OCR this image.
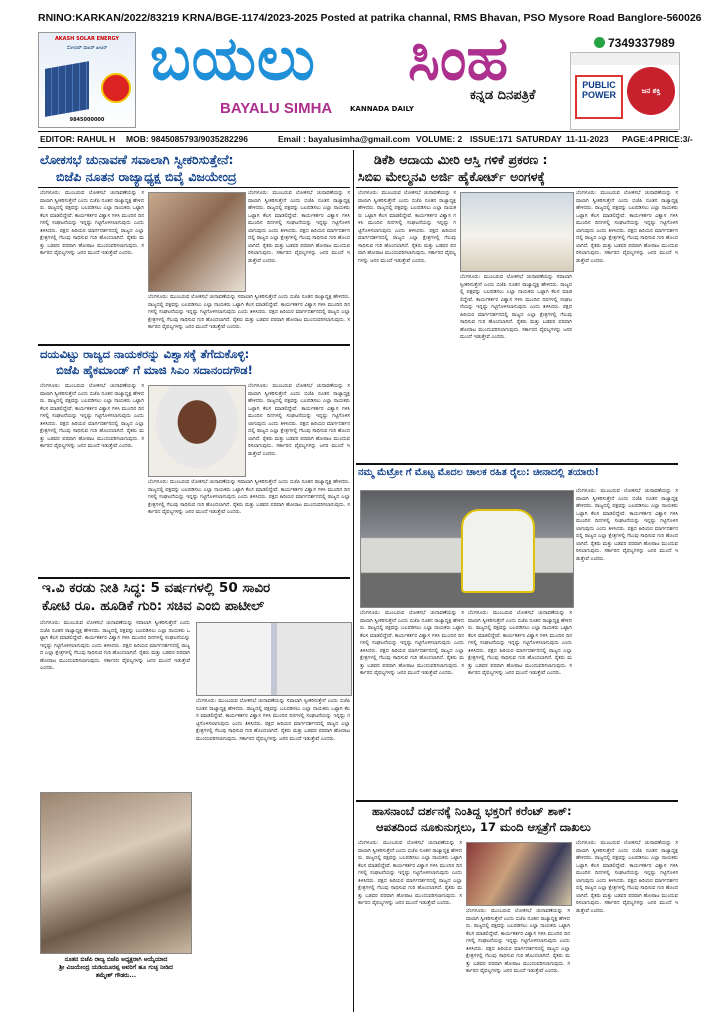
RNINO:KARKAN/2022/83219 KRNA/BGE-1174/2023-2025 Posted at patrika channal, RMS Bhavan, PSO Mysore Road Banglore-560026
AKASH SOLAR ENERGY
ಸೋಲಾರ್ ವಾಟರ್ ಹೀಟರ್
9845000000
ಬಯಲು ಸಿಂಹ
ಕನ್ನಡ ದಿನಪತ್ರಿಕೆ
BAYALU SIMHA	KANNADA DAILY
7349337989
PUBLIC POWER	ಜನ ಶಕ್ತಿ
EDITOR: RAHUL H MOB: 9845085793/9035282296	Email : bayalusimha@gmail.com VOLUME: 2 ISSUE:171 SATURDAY 11-11-2023 PAGE:4 PRICE:3/-
ಲೋಕಸಭೆ ಚುನಾವಣೆ ಸವಾಲಾಗಿ ಸ್ವೀಕರಿಸುತ್ತೇನೆ:
ಬಿಜೆಪಿ ನೂತನ ರಾಜ್ಯಾಧ್ಯಕ್ಷ ಬಿವೈ ವಿಜಯೇಂದ್ರ
ಬೆಂಗಳೂರು: ಮುಂಬರುವ ಲೋಕಸಭೆ ಚುನಾವಣೆಯನ್ನು ಸವಾಲಾಗಿ ಸ್ವೀಕರಿಸುತ್ತೇನೆ ಎಂದು ಬಿಜೆಪಿ ನೂತನ ರಾಜ್ಯಾಧ್ಯಕ್ಷ ಹೇಳಿದರು. ರಾಜ್ಯದಲ್ಲಿ ಪಕ್ಷವನ್ನು ಬಲಪಡಿಸಲು ಎಲ್ಲಾ ನಾಯಕರು ಒಟ್ಟಾಗಿ ಕೆಲಸ ಮಾಡಲಿದ್ದೇವೆ. ಕಾರ್ಯಕರ್ತರ ವಿಶ್ವಾಸ ಗಳಿಸಿ ಮುಂದಿನ ದಿನಗಳಲ್ಲಿ ಸಂಘಟನೆಯನ್ನು ಇನ್ನಷ್ಟು ಗಟ್ಟಿಗೊಳಿಸಲಾಗುವುದು ಎಂದು ತಿಳಿಸಿದರು. ಪಕ್ಷದ ಹಿರಿಯರ ಮಾರ್ಗದರ್ಶನದಲ್ಲಿ ರಾಜ್ಯದ ಎಲ್ಲಾ ಕ್ಷೇತ್ರಗಳಲ್ಲಿ ಗೆಲುವು ಸಾಧಿಸುವ ಗುರಿ ಹೊಂದಲಾಗಿದೆ. ರೈತರು ಮತ್ತು ಬಡವರ ಪರವಾಗಿ ಹೋರಾಟ ಮುಂದುವರಿಸಲಾಗುವುದು. ಸರ್ಕಾರದ ವೈಫಲ್ಯಗಳನ್ನು ಜನರ ಮುಂದೆ ಇಡುತ್ತೇವೆ ಎಂದರು.
ಬೆಂಗಳೂರು: ಮುಂಬರುವ ಲೋಕಸಭೆ ಚುನಾವಣೆಯನ್ನು ಸವಾಲಾಗಿ ಸ್ವೀಕರಿಸುತ್ತೇನೆ ಎಂದು ಬಿಜೆಪಿ ನೂತನ ರಾಜ್ಯಾಧ್ಯಕ್ಷ ಹೇಳಿದರು. ರಾಜ್ಯದಲ್ಲಿ ಪಕ್ಷವನ್ನು ಬಲಪಡಿಸಲು ಎಲ್ಲಾ ನಾಯಕರು ಒಟ್ಟಾಗಿ ಕೆಲಸ ಮಾಡಲಿದ್ದೇವೆ. ಕಾರ್ಯಕರ್ತರ ವಿಶ್ವಾಸ ಗಳಿಸಿ ಮುಂದಿನ ದಿನಗಳಲ್ಲಿ ಸಂಘಟನೆಯನ್ನು ಇನ್ನಷ್ಟು ಗಟ್ಟಿಗೊಳಿಸಲಾಗುವುದು ಎಂದು ತಿಳಿಸಿದರು. ಪಕ್ಷದ ಹಿರಿಯರ ಮಾರ್ಗದರ್ಶನದಲ್ಲಿ ರಾಜ್ಯದ ಎಲ್ಲಾ ಕ್ಷೇತ್ರಗಳಲ್ಲಿ ಗೆಲುವು ಸಾಧಿಸುವ ಗುರಿ ಹೊಂದಲಾಗಿದೆ. ರೈತರು ಮತ್ತು ಬಡವರ ಪರವಾಗಿ ಹೋರಾಟ ಮುಂದುವರಿಸಲಾಗುವುದು. ಸರ್ಕಾರದ ವೈಫಲ್ಯಗಳನ್ನು ಜನರ ಮುಂದೆ ಇಡುತ್ತೇವೆ ಎಂದರು.
ಬೆಂಗಳೂರು: ಮುಂಬರುವ ಲೋಕಸಭೆ ಚುನಾವಣೆಯನ್ನು ಸವಾಲಾಗಿ ಸ್ವೀಕರಿಸುತ್ತೇನೆ ಎಂದು ಬಿಜೆಪಿ ನೂತನ ರಾಜ್ಯಾಧ್ಯಕ್ಷ ಹೇಳಿದರು. ರಾಜ್ಯದಲ್ಲಿ ಪಕ್ಷವನ್ನು ಬಲಪಡಿಸಲು ಎಲ್ಲಾ ನಾಯಕರು ಒಟ್ಟಾಗಿ ಕೆಲಸ ಮಾಡಲಿದ್ದೇವೆ. ಕಾರ್ಯಕರ್ತರ ವಿಶ್ವಾಸ ಗಳಿಸಿ ಮುಂದಿನ ದಿನಗಳಲ್ಲಿ ಸಂಘಟನೆಯನ್ನು ಇನ್ನಷ್ಟು ಗಟ್ಟಿಗೊಳಿಸಲಾಗುವುದು ಎಂದು ತಿಳಿಸಿದರು. ಪಕ್ಷದ ಹಿರಿಯರ ಮಾರ್ಗದರ್ಶನದಲ್ಲಿ ರಾಜ್ಯದ ಎಲ್ಲಾ ಕ್ಷೇತ್ರಗಳಲ್ಲಿ ಗೆಲುವು ಸಾಧಿಸುವ ಗುರಿ ಹೊಂದಲಾಗಿದೆ. ರೈತರು ಮತ್ತು ಬಡವರ ಪರವಾಗಿ ಹೋರಾಟ ಮುಂದುವರಿಸಲಾಗುವುದು. ಸರ್ಕಾರದ ವೈಫಲ್ಯಗಳನ್ನು ಜನರ ಮುಂದೆ ಇಡುತ್ತೇವೆ ಎಂದರು.
ದಯವಿಟ್ಟು ರಾಜ್ಯದ ನಾಯಕರನ್ನು ವಿಶ್ವಾಸಕ್ಕೆ ತೆಗೆದುಕೊಳ್ಳಿ:
ಬಿಜೆಪಿ ಹೈಕಮಾಂಡ್ ಗೆ ಮಾಜಿ ಸಿಎಂ ಸದಾನಂದಗೌಡ!
ಬೆಂಗಳೂರು: ಮುಂಬರುವ ಲೋಕಸಭೆ ಚುನಾವಣೆಯನ್ನು ಸವಾಲಾಗಿ ಸ್ವೀಕರಿಸುತ್ತೇನೆ ಎಂದು ಬಿಜೆಪಿ ನೂತನ ರಾಜ್ಯಾಧ್ಯಕ್ಷ ಹೇಳಿದರು. ರಾಜ್ಯದಲ್ಲಿ ಪಕ್ಷವನ್ನು ಬಲಪಡಿಸಲು ಎಲ್ಲಾ ನಾಯಕರು ಒಟ್ಟಾಗಿ ಕೆಲಸ ಮಾಡಲಿದ್ದೇವೆ. ಕಾರ್ಯಕರ್ತರ ವಿಶ್ವಾಸ ಗಳಿಸಿ ಮುಂದಿನ ದಿನಗಳಲ್ಲಿ ಸಂಘಟನೆಯನ್ನು ಇನ್ನಷ್ಟು ಗಟ್ಟಿಗೊಳಿಸಲಾಗುವುದು ಎಂದು ತಿಳಿಸಿದರು. ಪಕ್ಷದ ಹಿರಿಯರ ಮಾರ್ಗದರ್ಶನದಲ್ಲಿ ರಾಜ್ಯದ ಎಲ್ಲಾ ಕ್ಷೇತ್ರಗಳಲ್ಲಿ ಗೆಲುವು ಸಾಧಿಸುವ ಗುರಿ ಹೊಂದಲಾಗಿದೆ. ರೈತರು ಮತ್ತು ಬಡವರ ಪರವಾಗಿ ಹೋರಾಟ ಮುಂದುವರಿಸಲಾಗುವುದು. ಸರ್ಕಾರದ ವೈಫಲ್ಯಗಳನ್ನು ಜನರ ಮುಂದೆ ಇಡುತ್ತೇವೆ ಎಂದರು.
ಬೆಂಗಳೂರು: ಮುಂಬರುವ ಲೋಕಸಭೆ ಚುನಾವಣೆಯನ್ನು ಸವಾಲಾಗಿ ಸ್ವೀಕರಿಸುತ್ತೇನೆ ಎಂದು ಬಿಜೆಪಿ ನೂತನ ರಾಜ್ಯಾಧ್ಯಕ್ಷ ಹೇಳಿದರು. ರಾಜ್ಯದಲ್ಲಿ ಪಕ್ಷವನ್ನು ಬಲಪಡಿಸಲು ಎಲ್ಲಾ ನಾಯಕರು ಒಟ್ಟಾಗಿ ಕೆಲಸ ಮಾಡಲಿದ್ದೇವೆ. ಕಾರ್ಯಕರ್ತರ ವಿಶ್ವಾಸ ಗಳಿಸಿ ಮುಂದಿನ ದಿನಗಳಲ್ಲಿ ಸಂಘಟನೆಯನ್ನು ಇನ್ನಷ್ಟು ಗಟ್ಟಿಗೊಳಿಸಲಾಗುವುದು ಎಂದು ತಿಳಿಸಿದರು. ಪಕ್ಷದ ಹಿರಿಯರ ಮಾರ್ಗದರ್ಶನದಲ್ಲಿ ರಾಜ್ಯದ ಎಲ್ಲಾ ಕ್ಷೇತ್ರಗಳಲ್ಲಿ ಗೆಲುವು ಸಾಧಿಸುವ ಗುರಿ ಹೊಂದಲಾಗಿದೆ. ರೈತರು ಮತ್ತು ಬಡವರ ಪರವಾಗಿ ಹೋರಾಟ ಮುಂದುವರಿಸಲಾಗುವುದು. ಸರ್ಕಾರದ ವೈಫಲ್ಯಗಳನ್ನು ಜನರ ಮುಂದೆ ಇಡುತ್ತೇವೆ ಎಂದರು.
ಬೆಂಗಳೂರು: ಮುಂಬರುವ ಲೋಕಸಭೆ ಚುನಾವಣೆಯನ್ನು ಸವಾಲಾಗಿ ಸ್ವೀಕರಿಸುತ್ತೇನೆ ಎಂದು ಬಿಜೆಪಿ ನೂತನ ರಾಜ್ಯಾಧ್ಯಕ್ಷ ಹೇಳಿದರು. ರಾಜ್ಯದಲ್ಲಿ ಪಕ್ಷವನ್ನು ಬಲಪಡಿಸಲು ಎಲ್ಲಾ ನಾಯಕರು ಒಟ್ಟಾಗಿ ಕೆಲಸ ಮಾಡಲಿದ್ದೇವೆ. ಕಾರ್ಯಕರ್ತರ ವಿಶ್ವಾಸ ಗಳಿಸಿ ಮುಂದಿನ ದಿನಗಳಲ್ಲಿ ಸಂಘಟನೆಯನ್ನು ಇನ್ನಷ್ಟು ಗಟ್ಟಿಗೊಳಿಸಲಾಗುವುದು ಎಂದು ತಿಳಿಸಿದರು. ಪಕ್ಷದ ಹಿರಿಯರ ಮಾರ್ಗದರ್ಶನದಲ್ಲಿ ರಾಜ್ಯದ ಎಲ್ಲಾ ಕ್ಷೇತ್ರಗಳಲ್ಲಿ ಗೆಲುವು ಸಾಧಿಸುವ ಗುರಿ ಹೊಂದಲಾಗಿದೆ. ರೈತರು ಮತ್ತು ಬಡವರ ಪರವಾಗಿ ಹೋರಾಟ ಮುಂದುವರಿಸಲಾಗುವುದು. ಸರ್ಕಾರದ ವೈಫಲ್ಯಗಳನ್ನು ಜನರ ಮುಂದೆ ಇಡುತ್ತೇವೆ ಎಂದರು.
ಇ.ವಿ ಕರಡು ನೀತಿ ಸಿದ್ಧ: 5 ವರ್ಷಗಳಲ್ಲಿ 50 ಸಾವಿರ
ಕೋಟಿ ರೂ. ಹೂಡಿಕೆ ಗುರಿ: ಸಚಿವ ಎಂಬಿ ಪಾಟೀಲ್
ಬೆಂಗಳೂರು: ಮುಂಬರುವ ಲೋಕಸಭೆ ಚುನಾವಣೆಯನ್ನು ಸವಾಲಾಗಿ ಸ್ವೀಕರಿಸುತ್ತೇನೆ ಎಂದು ಬಿಜೆಪಿ ನೂತನ ರಾಜ್ಯಾಧ್ಯಕ್ಷ ಹೇಳಿದರು. ರಾಜ್ಯದಲ್ಲಿ ಪಕ್ಷವನ್ನು ಬಲಪಡಿಸಲು ಎಲ್ಲಾ ನಾಯಕರು ಒಟ್ಟಾಗಿ ಕೆಲಸ ಮಾಡಲಿದ್ದೇವೆ. ಕಾರ್ಯಕರ್ತರ ವಿಶ್ವಾಸ ಗಳಿಸಿ ಮುಂದಿನ ದಿನಗಳಲ್ಲಿ ಸಂಘಟನೆಯನ್ನು ಇನ್ನಷ್ಟು ಗಟ್ಟಿಗೊಳಿಸಲಾಗುವುದು ಎಂದು ತಿಳಿಸಿದರು. ಪಕ್ಷದ ಹಿರಿಯರ ಮಾರ್ಗದರ್ಶನದಲ್ಲಿ ರಾಜ್ಯದ ಎಲ್ಲಾ ಕ್ಷೇತ್ರಗಳಲ್ಲಿ ಗೆಲುವು ಸಾಧಿಸುವ ಗುರಿ ಹೊಂದಲಾಗಿದೆ. ರೈತರು ಮತ್ತು ಬಡವರ ಪರವಾಗಿ ಹೋರಾಟ ಮುಂದುವರಿಸಲಾಗುವುದು. ಸರ್ಕಾರದ ವೈಫಲ್ಯಗಳನ್ನು ಜನರ ಮುಂದೆ ಇಡುತ್ತೇವೆ ಎಂದರು.
ಬೆಂಗಳೂರು: ಮುಂಬರುವ ಲೋಕಸಭೆ ಚುನಾವಣೆಯನ್ನು ಸವಾಲಾಗಿ ಸ್ವೀಕರಿಸುತ್ತೇನೆ ಎಂದು ಬಿಜೆಪಿ ನೂತನ ರಾಜ್ಯಾಧ್ಯಕ್ಷ ಹೇಳಿದರು. ರಾಜ್ಯದಲ್ಲಿ ಪಕ್ಷವನ್ನು ಬಲಪಡಿಸಲು ಎಲ್ಲಾ ನಾಯಕರು ಒಟ್ಟಾಗಿ ಕೆಲಸ ಮಾಡಲಿದ್ದೇವೆ. ಕಾರ್ಯಕರ್ತರ ವಿಶ್ವಾಸ ಗಳಿಸಿ ಮುಂದಿನ ದಿನಗಳಲ್ಲಿ ಸಂಘಟನೆಯನ್ನು ಇನ್ನಷ್ಟು ಗಟ್ಟಿಗೊಳಿಸಲಾಗುವುದು ಎಂದು ತಿಳಿಸಿದರು. ಪಕ್ಷದ ಹಿರಿಯರ ಮಾರ್ಗದರ್ಶನದಲ್ಲಿ ರಾಜ್ಯದ ಎಲ್ಲಾ ಕ್ಷೇತ್ರಗಳಲ್ಲಿ ಗೆಲುವು ಸಾಧಿಸುವ ಗುರಿ ಹೊಂದಲಾಗಿದೆ. ರೈತರು ಮತ್ತು ಬಡವರ ಪರವಾಗಿ ಹೋರಾಟ ಮುಂದುವರಿಸಲಾಗುವುದು. ಸರ್ಕಾರದ ವೈಫಲ್ಯಗಳನ್ನು ಜನರ ಮುಂದೆ ಇಡುತ್ತೇವೆ ಎಂದರು.
ನೂತನ ಬಿಜೆಪಿ ರಾಜ್ಯ ಬಿಜೆಪಿ ಅಧ್ಯಕ್ಷರಾಗಿ ಆಯ್ಕೆಯಾದ
ಶ್ರೀ ವಿಜಯೇಂದ್ರ ಯಡಿಯೂರಪ್ಪ ಅವರಿಗೆ ಹೂ ಗುಚ್ಛ ನೀಡಿದ
ತಮ್ಮೇಶ್ ಗೌಡರು...
ಡಿಕೆಶಿ ಆದಾಯ ಮೀರಿ ಆಸ್ತಿ ಗಳಿಕೆ ಪ್ರಕರಣ :
ಸಿಬಿಐ ಮೇಲ್ಮನವಿ ಅರ್ಜಿ ಹೈಕೋರ್ಟ್ ಅಂಗಳಕ್ಕೆ
ಬೆಂಗಳೂರು: ಮುಂಬರುವ ಲೋಕಸಭೆ ಚುನಾವಣೆಯನ್ನು ಸವಾಲಾಗಿ ಸ್ವೀಕರಿಸುತ್ತೇನೆ ಎಂದು ಬಿಜೆಪಿ ನೂತನ ರಾಜ್ಯಾಧ್ಯಕ್ಷ ಹೇಳಿದರು. ರಾಜ್ಯದಲ್ಲಿ ಪಕ್ಷವನ್ನು ಬಲಪಡಿಸಲು ಎಲ್ಲಾ ನಾಯಕರು ಒಟ್ಟಾಗಿ ಕೆಲಸ ಮಾಡಲಿದ್ದೇವೆ. ಕಾರ್ಯಕರ್ತರ ವಿಶ್ವಾಸ ಗಳಿಸಿ ಮುಂದಿನ ದಿನಗಳಲ್ಲಿ ಸಂಘಟನೆಯನ್ನು ಇನ್ನಷ್ಟು ಗಟ್ಟಿಗೊಳಿಸಲಾಗುವುದು ಎಂದು ತಿಳಿಸಿದರು. ಪಕ್ಷದ ಹಿರಿಯರ ಮಾರ್ಗದರ್ಶನದಲ್ಲಿ ರಾಜ್ಯದ ಎಲ್ಲಾ ಕ್ಷೇತ್ರಗಳಲ್ಲಿ ಗೆಲುವು ಸಾಧಿಸುವ ಗುರಿ ಹೊಂದಲಾಗಿದೆ. ರೈತರು ಮತ್ತು ಬಡವರ ಪರವಾಗಿ ಹೋರಾಟ ಮುಂದುವರಿಸಲಾಗುವುದು. ಸರ್ಕಾರದ ವೈಫಲ್ಯಗಳನ್ನು ಜನರ ಮುಂದೆ ಇಡುತ್ತೇವೆ ಎಂದರು.
ಬೆಂಗಳೂರು: ಮುಂಬರುವ ಲೋಕಸಭೆ ಚುನಾವಣೆಯನ್ನು ಸವಾಲಾಗಿ ಸ್ವೀಕರಿಸುತ್ತೇನೆ ಎಂದು ಬಿಜೆಪಿ ನೂತನ ರಾಜ್ಯಾಧ್ಯಕ್ಷ ಹೇಳಿದರು. ರಾಜ್ಯದಲ್ಲಿ ಪಕ್ಷವನ್ನು ಬಲಪಡಿಸಲು ಎಲ್ಲಾ ನಾಯಕರು ಒಟ್ಟಾಗಿ ಕೆಲಸ ಮಾಡಲಿದ್ದೇವೆ. ಕಾರ್ಯಕರ್ತರ ವಿಶ್ವಾಸ ಗಳಿಸಿ ಮುಂದಿನ ದಿನಗಳಲ್ಲಿ ಸಂಘಟನೆಯನ್ನು ಇನ್ನಷ್ಟು ಗಟ್ಟಿಗೊಳಿಸಲಾಗುವುದು ಎಂದು ತಿಳಿಸಿದರು. ಪಕ್ಷದ ಹಿರಿಯರ ಮಾರ್ಗದರ್ಶನದಲ್ಲಿ ರಾಜ್ಯದ ಎಲ್ಲಾ ಕ್ಷೇತ್ರಗಳಲ್ಲಿ ಗೆಲುವು ಸಾಧಿಸುವ ಗುರಿ ಹೊಂದಲಾಗಿದೆ. ರೈತರು ಮತ್ತು ಬಡವರ ಪರವಾಗಿ ಹೋರಾಟ ಮುಂದುವರಿಸಲಾಗುವುದು. ಸರ್ಕಾರದ ವೈಫಲ್ಯಗಳನ್ನು ಜನರ ಮುಂದೆ ಇಡುತ್ತೇವೆ ಎಂದರು.
ಬೆಂಗಳೂರು: ಮುಂಬರುವ ಲೋಕಸಭೆ ಚುನಾವಣೆಯನ್ನು ಸವಾಲಾಗಿ ಸ್ವೀಕರಿಸುತ್ತೇನೆ ಎಂದು ಬಿಜೆಪಿ ನೂತನ ರಾಜ್ಯಾಧ್ಯಕ್ಷ ಹೇಳಿದರು. ರಾಜ್ಯದಲ್ಲಿ ಪಕ್ಷವನ್ನು ಬಲಪಡಿಸಲು ಎಲ್ಲಾ ನಾಯಕರು ಒಟ್ಟಾಗಿ ಕೆಲಸ ಮಾಡಲಿದ್ದೇವೆ. ಕಾರ್ಯಕರ್ತರ ವಿಶ್ವಾಸ ಗಳಿಸಿ ಮುಂದಿನ ದಿನಗಳಲ್ಲಿ ಸಂಘಟನೆಯನ್ನು ಇನ್ನಷ್ಟು ಗಟ್ಟಿಗೊಳಿಸಲಾಗುವುದು ಎಂದು ತಿಳಿಸಿದರು. ಪಕ್ಷದ ಹಿರಿಯರ ಮಾರ್ಗದರ್ಶನದಲ್ಲಿ ರಾಜ್ಯದ ಎಲ್ಲಾ ಕ್ಷೇತ್ರಗಳಲ್ಲಿ ಗೆಲುವು ಸಾಧಿಸುವ ಗುರಿ ಹೊಂದಲಾಗಿದೆ. ರೈತರು ಮತ್ತು ಬಡವರ ಪರವಾಗಿ ಹೋರಾಟ ಮುಂದುವರಿಸಲಾಗುವುದು. ಸರ್ಕಾರದ ವೈಫಲ್ಯಗಳನ್ನು ಜನರ ಮುಂದೆ ಇಡುತ್ತೇವೆ ಎಂದರು.
ನಮ್ಮ ಮೆಟ್ರೋ ಗೆ ಮೊಟ್ಟ ಮೊದಲ ಚಾಲಕ ರಹಿತ ರೈಲು: ಚೀನಾದಲ್ಲಿ ತಯಾರು!
ಬೆಂಗಳೂರು: ಮುಂಬರುವ ಲೋಕಸಭೆ ಚುನಾವಣೆಯನ್ನು ಸವಾಲಾಗಿ ಸ್ವೀಕರಿಸುತ್ತೇನೆ ಎಂದು ಬಿಜೆಪಿ ನೂತನ ರಾಜ್ಯಾಧ್ಯಕ್ಷ ಹೇಳಿದರು. ರಾಜ್ಯದಲ್ಲಿ ಪಕ್ಷವನ್ನು ಬಲಪಡಿಸಲು ಎಲ್ಲಾ ನಾಯಕರು ಒಟ್ಟಾಗಿ ಕೆಲಸ ಮಾಡಲಿದ್ದೇವೆ. ಕಾರ್ಯಕರ್ತರ ವಿಶ್ವಾಸ ಗಳಿಸಿ ಮುಂದಿನ ದಿನಗಳಲ್ಲಿ ಸಂಘಟನೆಯನ್ನು ಇನ್ನಷ್ಟು ಗಟ್ಟಿಗೊಳಿಸಲಾಗುವುದು ಎಂದು ತಿಳಿಸಿದರು. ಪಕ್ಷದ ಹಿರಿಯರ ಮಾರ್ಗದರ್ಶನದಲ್ಲಿ ರಾಜ್ಯದ ಎಲ್ಲಾ ಕ್ಷೇತ್ರಗಳಲ್ಲಿ ಗೆಲುವು ಸಾಧಿಸುವ ಗುರಿ ಹೊಂದಲಾಗಿದೆ. ರೈತರು ಮತ್ತು ಬಡವರ ಪರವಾಗಿ ಹೋರಾಟ ಮುಂದುವರಿಸಲಾಗುವುದು. ಸರ್ಕಾರದ ವೈಫಲ್ಯಗಳನ್ನು ಜನರ ಮುಂದೆ ಇಡುತ್ತೇವೆ ಎಂದರು.
ಬೆಂಗಳೂರು: ಮುಂಬರುವ ಲೋಕಸಭೆ ಚುನಾವಣೆಯನ್ನು ಸವಾಲಾಗಿ ಸ್ವೀಕರಿಸುತ್ತೇನೆ ಎಂದು ಬಿಜೆಪಿ ನೂತನ ರಾಜ್ಯಾಧ್ಯಕ್ಷ ಹೇಳಿದರು. ರಾಜ್ಯದಲ್ಲಿ ಪಕ್ಷವನ್ನು ಬಲಪಡಿಸಲು ಎಲ್ಲಾ ನಾಯಕರು ಒಟ್ಟಾಗಿ ಕೆಲಸ ಮಾಡಲಿದ್ದೇವೆ. ಕಾರ್ಯಕರ್ತರ ವಿಶ್ವಾಸ ಗಳಿಸಿ ಮುಂದಿನ ದಿನಗಳಲ್ಲಿ ಸಂಘಟನೆಯನ್ನು ಇನ್ನಷ್ಟು ಗಟ್ಟಿಗೊಳಿಸಲಾಗುವುದು ಎಂದು ತಿಳಿಸಿದರು. ಪಕ್ಷದ ಹಿರಿಯರ ಮಾರ್ಗದರ್ಶನದಲ್ಲಿ ರಾಜ್ಯದ ಎಲ್ಲಾ ಕ್ಷೇತ್ರಗಳಲ್ಲಿ ಗೆಲುವು ಸಾಧಿಸುವ ಗುರಿ ಹೊಂದಲಾಗಿದೆ. ರೈತರು ಮತ್ತು ಬಡವರ ಪರವಾಗಿ ಹೋರಾಟ ಮುಂದುವರಿಸಲಾಗುವುದು. ಸರ್ಕಾರದ ವೈಫಲ್ಯಗಳನ್ನು ಜನರ ಮುಂದೆ ಇಡುತ್ತೇವೆ ಎಂದರು.
ಬೆಂಗಳೂರು: ಮುಂಬರುವ ಲೋಕಸಭೆ ಚುನಾವಣೆಯನ್ನು ಸವಾಲಾಗಿ ಸ್ವೀಕರಿಸುತ್ತೇನೆ ಎಂದು ಬಿಜೆಪಿ ನೂತನ ರಾಜ್ಯಾಧ್ಯಕ್ಷ ಹೇಳಿದರು. ರಾಜ್ಯದಲ್ಲಿ ಪಕ್ಷವನ್ನು ಬಲಪಡಿಸಲು ಎಲ್ಲಾ ನಾಯಕರು ಒಟ್ಟಾಗಿ ಕೆಲಸ ಮಾಡಲಿದ್ದೇವೆ. ಕಾರ್ಯಕರ್ತರ ವಿಶ್ವಾಸ ಗಳಿಸಿ ಮುಂದಿನ ದಿನಗಳಲ್ಲಿ ಸಂಘಟನೆಯನ್ನು ಇನ್ನಷ್ಟು ಗಟ್ಟಿಗೊಳಿಸಲಾಗುವುದು ಎಂದು ತಿಳಿಸಿದರು. ಪಕ್ಷದ ಹಿರಿಯರ ಮಾರ್ಗದರ್ಶನದಲ್ಲಿ ರಾಜ್ಯದ ಎಲ್ಲಾ ಕ್ಷೇತ್ರಗಳಲ್ಲಿ ಗೆಲುವು ಸಾಧಿಸುವ ಗುರಿ ಹೊಂದಲಾಗಿದೆ. ರೈತರು ಮತ್ತು ಬಡವರ ಪರವಾಗಿ ಹೋರಾಟ ಮುಂದುವರಿಸಲಾಗುವುದು. ಸರ್ಕಾರದ ವೈಫಲ್ಯಗಳನ್ನು ಜನರ ಮುಂದೆ ಇಡುತ್ತೇವೆ ಎಂದರು.
ಹಾಸನಾಂಬೆ ದರ್ಶನಕ್ಕೆ ನಿಂತಿದ್ದ ಭಕ್ತರಿಗೆ ಕರೆಂಟ್ ಶಾಕ್:
ಆಪತದಿಂದ ನೂಕುನುಗ್ಗಲು, 17 ಮಂದಿ ಆಸ್ಪತ್ರೆಗೆ ದಾಖಲು
ಬೆಂಗಳೂರು: ಮುಂಬರುವ ಲೋಕಸಭೆ ಚುನಾವಣೆಯನ್ನು ಸವಾಲಾಗಿ ಸ್ವೀಕರಿಸುತ್ತೇನೆ ಎಂದು ಬಿಜೆಪಿ ನೂತನ ರಾಜ್ಯಾಧ್ಯಕ್ಷ ಹೇಳಿದರು. ರಾಜ್ಯದಲ್ಲಿ ಪಕ್ಷವನ್ನು ಬಲಪಡಿಸಲು ಎಲ್ಲಾ ನಾಯಕರು ಒಟ್ಟಾಗಿ ಕೆಲಸ ಮಾಡಲಿದ್ದೇವೆ. ಕಾರ್ಯಕರ್ತರ ವಿಶ್ವಾಸ ಗಳಿಸಿ ಮುಂದಿನ ದಿನಗಳಲ್ಲಿ ಸಂಘಟನೆಯನ್ನು ಇನ್ನಷ್ಟು ಗಟ್ಟಿಗೊಳಿಸಲಾಗುವುದು ಎಂದು ತಿಳಿಸಿದರು. ಪಕ್ಷದ ಹಿರಿಯರ ಮಾರ್ಗದರ್ಶನದಲ್ಲಿ ರಾಜ್ಯದ ಎಲ್ಲಾ ಕ್ಷೇತ್ರಗಳಲ್ಲಿ ಗೆಲುವು ಸಾಧಿಸುವ ಗುರಿ ಹೊಂದಲಾಗಿದೆ. ರೈತರು ಮತ್ತು ಬಡವರ ಪರವಾಗಿ ಹೋರಾಟ ಮುಂದುವರಿಸಲಾಗುವುದು. ಸರ್ಕಾರದ ವೈಫಲ್ಯಗಳನ್ನು ಜನರ ಮುಂದೆ ಇಡುತ್ತೇವೆ ಎಂದರು.
ಬೆಂಗಳೂರು: ಮುಂಬರುವ ಲೋಕಸಭೆ ಚುನಾವಣೆಯನ್ನು ಸವಾಲಾಗಿ ಸ್ವೀಕರಿಸುತ್ತೇನೆ ಎಂದು ಬಿಜೆಪಿ ನೂತನ ರಾಜ್ಯಾಧ್ಯಕ್ಷ ಹೇಳಿದರು. ರಾಜ್ಯದಲ್ಲಿ ಪಕ್ಷವನ್ನು ಬಲಪಡಿಸಲು ಎಲ್ಲಾ ನಾಯಕರು ಒಟ್ಟಾಗಿ ಕೆಲಸ ಮಾಡಲಿದ್ದೇವೆ. ಕಾರ್ಯಕರ್ತರ ವಿಶ್ವಾಸ ಗಳಿಸಿ ಮುಂದಿನ ದಿನಗಳಲ್ಲಿ ಸಂಘಟನೆಯನ್ನು ಇನ್ನಷ್ಟು ಗಟ್ಟಿಗೊಳಿಸಲಾಗುವುದು ಎಂದು ತಿಳಿಸಿದರು. ಪಕ್ಷದ ಹಿರಿಯರ ಮಾರ್ಗದರ್ಶನದಲ್ಲಿ ರಾಜ್ಯದ ಎಲ್ಲಾ ಕ್ಷೇತ್ರಗಳಲ್ಲಿ ಗೆಲುವು ಸಾಧಿಸುವ ಗುರಿ ಹೊಂದಲಾಗಿದೆ. ರೈತರು ಮತ್ತು ಬಡವರ ಪರವಾಗಿ ಹೋರಾಟ ಮುಂದುವರಿಸಲಾಗುವುದು. ಸರ್ಕಾರದ ವೈಫಲ್ಯಗಳನ್ನು ಜನರ ಮುಂದೆ ಇಡುತ್ತೇವೆ ಎಂದರು.
ಬೆಂಗಳೂರು: ಮುಂಬರುವ ಲೋಕಸಭೆ ಚುನಾವಣೆಯನ್ನು ಸವಾಲಾಗಿ ಸ್ವೀಕರಿಸುತ್ತೇನೆ ಎಂದು ಬಿಜೆಪಿ ನೂತನ ರಾಜ್ಯಾಧ್ಯಕ್ಷ ಹೇಳಿದರು. ರಾಜ್ಯದಲ್ಲಿ ಪಕ್ಷವನ್ನು ಬಲಪಡಿಸಲು ಎಲ್ಲಾ ನಾಯಕರು ಒಟ್ಟಾಗಿ ಕೆಲಸ ಮಾಡಲಿದ್ದೇವೆ. ಕಾರ್ಯಕರ್ತರ ವಿಶ್ವಾಸ ಗಳಿಸಿ ಮುಂದಿನ ದಿನಗಳಲ್ಲಿ ಸಂಘಟನೆಯನ್ನು ಇನ್ನಷ್ಟು ಗಟ್ಟಿಗೊಳಿಸಲಾಗುವುದು ಎಂದು ತಿಳಿಸಿದರು. ಪಕ್ಷದ ಹಿರಿಯರ ಮಾರ್ಗದರ್ಶನದಲ್ಲಿ ರಾಜ್ಯದ ಎಲ್ಲಾ ಕ್ಷೇತ್ರಗಳಲ್ಲಿ ಗೆಲುವು ಸಾಧಿಸುವ ಗುರಿ ಹೊಂದಲಾಗಿದೆ. ರೈತರು ಮತ್ತು ಬಡವರ ಪರವಾಗಿ ಹೋರಾಟ ಮುಂದುವರಿಸಲಾಗುವುದು. ಸರ್ಕಾರದ ವೈಫಲ್ಯಗಳನ್ನು ಜನರ ಮುಂದೆ ಇಡುತ್ತೇವೆ ಎಂದರು.
